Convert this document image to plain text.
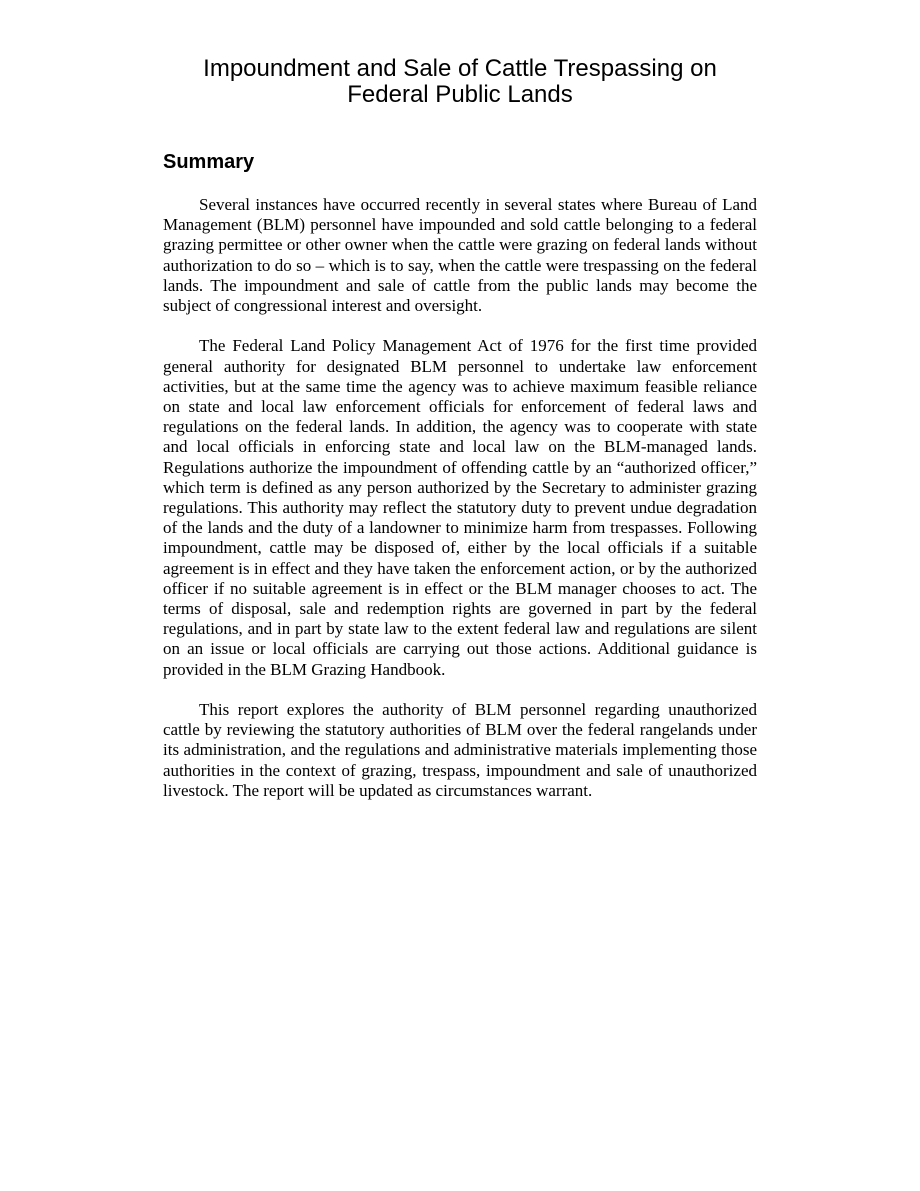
Impoundment and Sale of Cattle Trespassing on
Federal Public Lands
Summary

Several instances have occurred recently in several states where Bureau of Land Management (BLM) personnel have impounded and sold cattle belonging to a federal grazing permittee or other owner when the cattle were grazing on federal lands without authorization to do so – which is to say, when the cattle were trespassing on the federal lands. The impoundment and sale of cattle from the public lands may become the subject of congressional interest and oversight.

The Federal Land Policy Management Act of 1976 for the first time provided general authority for designated BLM personnel to undertake law enforcement activities, but at the same time the agency was to achieve maximum feasible reliance on state and local law enforcement officials for enforcement of federal laws and regulations on the federal lands. In addition, the agency was to cooperate with state and local officials in enforcing state and local law on the BLM-managed lands. Regulations authorize the impoundment of offending cattle by an “authorized officer,” which term is defined as any person authorized by the Secretary to administer grazing regulations. This authority may reflect the statutory duty to prevent undue degradation of the lands and the duty of a landowner to minimize harm from trespasses. Following impoundment, cattle may be disposed of, either by the local officials if a suitable agreement is in effect and they have taken the enforcement action, or by the authorized officer if no suitable agreement is in effect or the BLM manager chooses to act. The terms of disposal, sale and redemption rights are governed in part by the federal regulations, and in part by state law to the extent federal law and regulations are silent on an issue or local officials are carrying out those actions. Additional guidance is provided in the BLM Grazing Handbook.

This report explores the authority of BLM personnel regarding unauthorized cattle by reviewing the statutory authorities of BLM over the federal rangelands under its administration, and the regulations and administrative materials implementing those authorities in the context of grazing, trespass, impoundment and sale of unauthorized livestock. The report will be updated as circumstances warrant.
